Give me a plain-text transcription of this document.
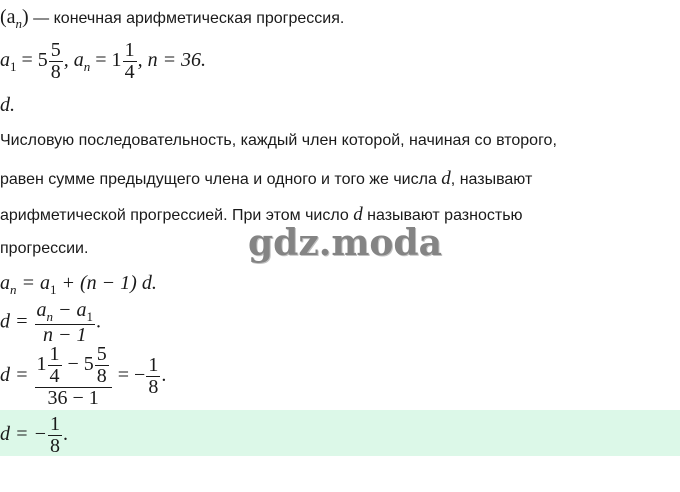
$(a_n)$ — конечная арифметическая прогрессия.
$a_1 = 5 \frac{5}{8}$ , $a_n = 1 \frac{1}{4}$ , n = 36.
d.
Числовую последовательность, каждый член которой, начиная со второго,
равен сумме предыдущего члена и одного и того же числа d, называют
арифметической прогрессией. При этом число d называют разностью
прогрессии.	gdz.moda
$a_n = a_1 + (n - 1)$ d.
$d = \frac{a_n - a_1}{n - 1}$ .
$d = \frac{1 \frac{1}{4} - 5 \frac{5}{8}}{36 - 1}$ = − $\frac{1}{8}$ .
d = − $\frac{1}{8}$ .
